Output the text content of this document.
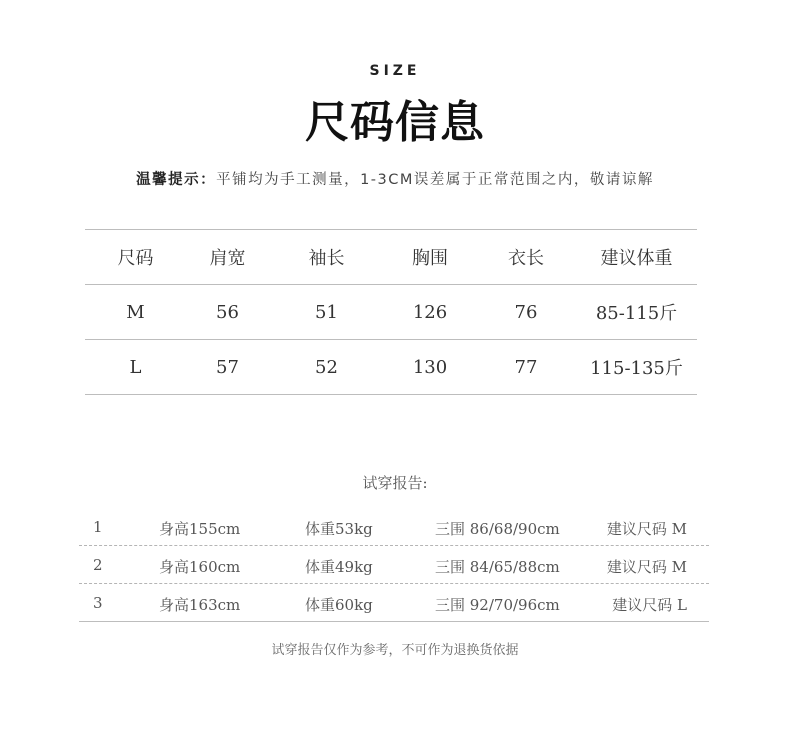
SIZE
尺码信息
温馨提示：平铺均为手工测量，1-3CM误差属于正常范围之内，敬请谅解
尺码	肩宽	袖长	胸围	衣长	建议体重
M	56	51	126	76	85-115斤
L	57	52	130	77	115-135斤
试穿报告:
1	身高155cm	体重53kg	三围 86/68/90cm	建议尺码 M
2	身高160cm	体重49kg	三围 84/65/88cm	建议尺码 M
3	身高163cm	体重60kg	三围 92/70/96cm	建议尺码 L
试穿报告仅作为参考，不可作为退换货依据
